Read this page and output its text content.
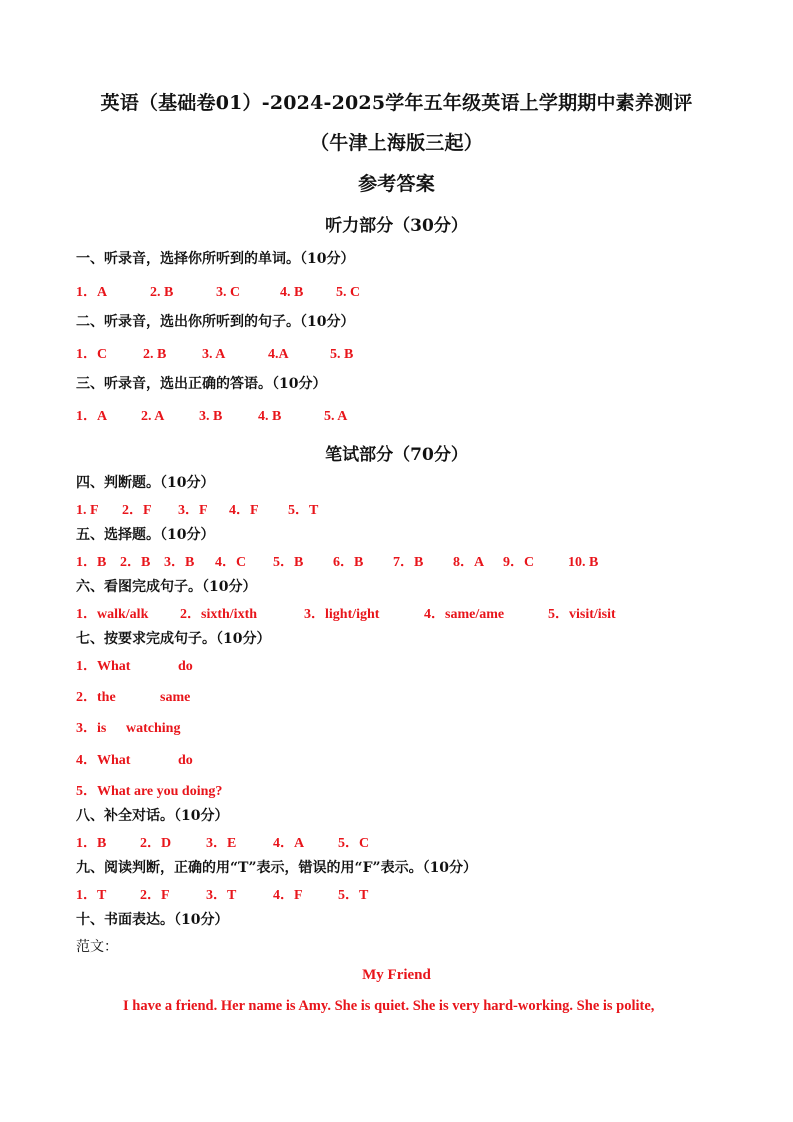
英语（基础卷01）-2024-2025学年五年级英语上学期期中素养测评
（牛津上海版三起）
参考答案
听力部分（30分）
一、听录音，选择你所听到的单词。（10分）
1．A	2. B	3. C	4. B 5. C
二、听录音，选出你所听到的句子。（10分）
1．C	2. B	3. A	4.A	5. B
三、听录音，选出正确的答语。（10分）
1．A 2. A 3. B	4. B	5. A
笔试部分（70分）
四、判断题。（10分）
1. F 2．F 3．F 4．F 5．T
五、选择题。（10分）
1．B 2．B 3．B 4．C 5．B 6．B 7．B 8．A 9．C 10. B
六、看图完成句子。（10分）
1．walk/alk 2．sixth/ixth	3．light/ight	4．same/ame	5．visit/isit
七、按要求完成句子。（10分）
1．What	do
2．the	same
3．is watching
4．What	do
5．What are you doing?
八、补全对话。（10分）
1．B 2．D 3．E	4．A 5．C
九、阅读判断，正确的用“T”表示，错误的用“F”表示。（10分）
1．T 2．F	3．T	4．F	5．T
十、书面表达。（10分）
范文：
My Friend
I have a friend. Her name is Amy. She is quiet. She is very hard-working. She is polite,
